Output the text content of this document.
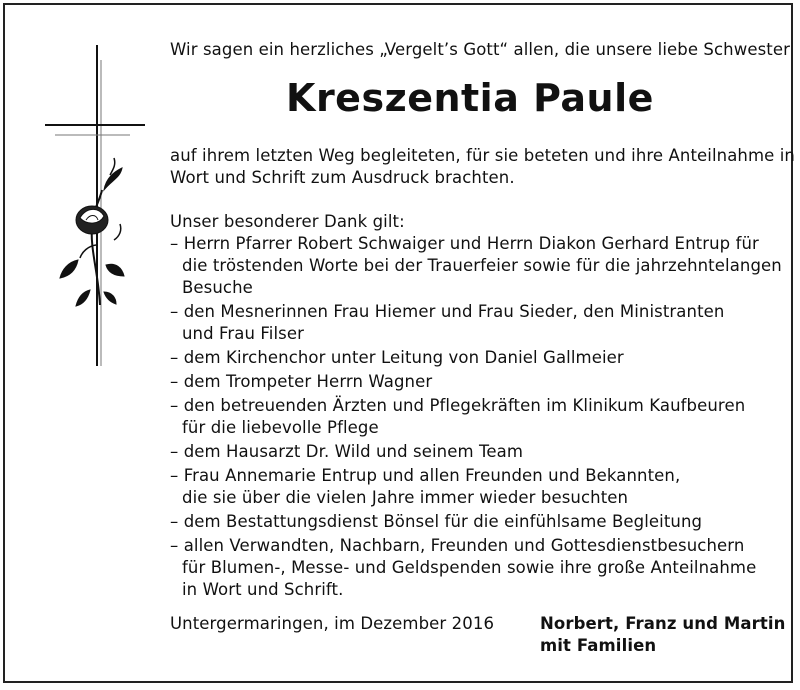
Wir sagen ein herzliches „Vergelt’s Gott“ allen, die unsere liebe Schwester
Kreszentia Paule
auf ihrem letzten Weg begleiteten, für sie beteten und ihre Anteilnahme in
Wort und Schrift zum Ausdruck brachten.
Unser besonderer Dank gilt:
– Herrn Pfarrer Robert Schwaiger und Herrn Diakon Gerhard Entrup für
die tröstenden Worte bei der Trauerfeier sowie für die jahrzehntelangen
Besuche
– den Mesnerinnen Frau Hiemer und Frau Sieder, den Ministranten
und Frau Filser
– dem Kirchenchor unter Leitung von Daniel Gallmeier
– dem Trompeter Herrn Wagner
– den betreuenden Ärzten und Pflegekräften im Klinikum Kaufbeuren
für die liebevolle Pflege
– dem Hausarzt Dr. Wild und seinem Team
– Frau Annemarie Entrup und allen Freunden und Bekannten,
die sie über die vielen Jahre immer wieder besuchten
– dem Bestattungsdienst Bönsel für die einfühlsame Begleitung
– allen Verwandten, Nachbarn, Freunden und Gottesdienstbesuchern
für Blumen-, Messe- und Geldspenden sowie ihre große Anteilnahme
in Wort und Schrift.
Untergermaringen, im Dezember 2016	Norbert, Franz und Martin
mit Familien
